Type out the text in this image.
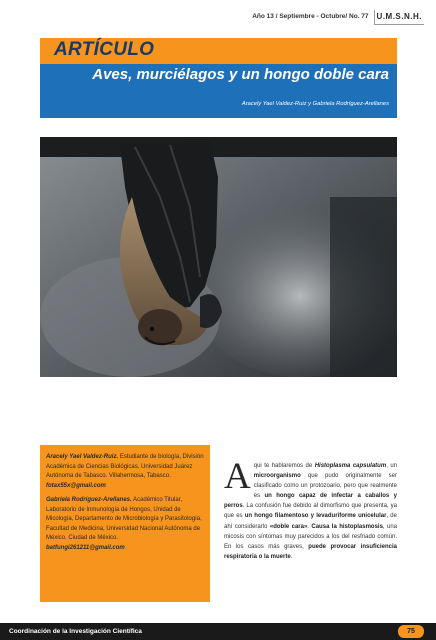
Año 13 / Septiembre - Octubre/ No. 77	U.M.S.N.H.
ARTÍCULO
Aves, murciélagos y un hongo doble cara
Aracely Yael Valdez-Ruiz y Gabriela Rodríguez-Arellanes

Aracely Yael Valdez-Ruiz. Estudiante de biología, División Académica de Ciencias Biológicas, Universidad Juárez Autónoma de Tabasco. Villahermosa, Tabasco.
fotax55x@gmail.com

Gabriela Rodríguez-Arellanes. Académico Titular, Laboratorio de Inmunología de Hongos, Unidad de Micología, Departamento de Microbiología y Parasitología, Facultad de Medicina, Universidad Nacional Autónoma de México. Ciudad de México.
batfungi261211@gmail.com

Aqui te hablaremos de Histoplasma capsulatum, un microorganismo que pudo originalmente ser clasificado como un protozoario, pero que realmente es un hongo capaz de infectar a caballos y perros. La confusión fue debido al dimorfismo que presenta, ya que es un hongo filamentoso y levaduriforme unicelular, de ahí considerarlo «doble cara». Causa la histoplasmosis, una micosis con síntomas muy parecidos a los del resfriado común. En los casos más graves, puede provocar insuficiencia respiratoria o la muerte.
Coordinación de la Investigación Científica	75
